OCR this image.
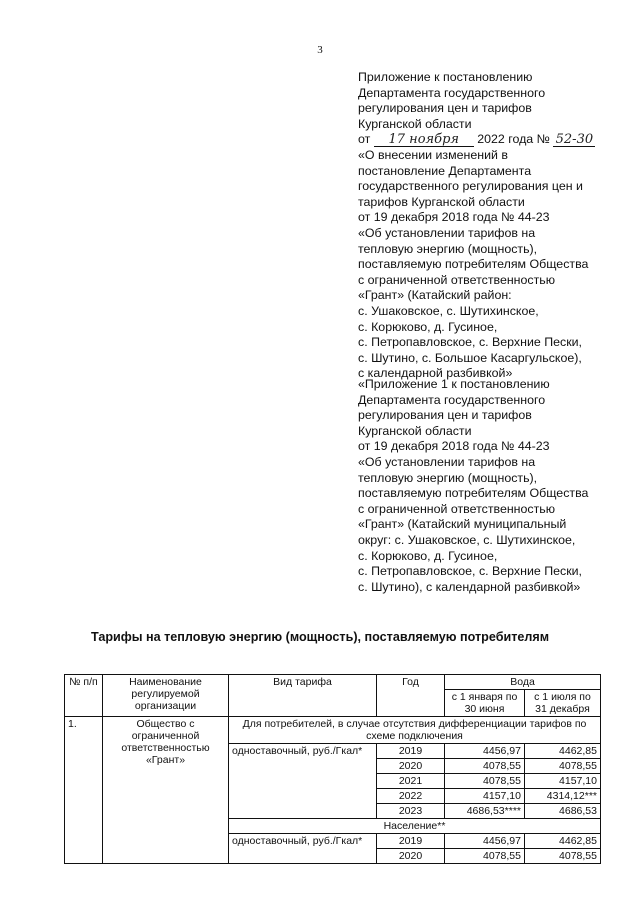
3
Приложение к постановлению
Департамента государственного
регулирования цен и тарифов
Курганской области
от 17 ноября 2022 года № 52-30
«О внесении изменений в
постановление Департамента
государственного регулирования цен и
тарифов Курганской области
от 19 декабря 2018 года № 44-23
«Об установлении тарифов на
тепловую энергию (мощность),
поставляемую потребителям Общества
с ограниченной ответственностью
«Грант» (Катайский район:
с. Ушаковское, с. Шутихинское,
с. Корюково, д. Гусиное,
с. Петропавловское, с. Верхние Пески,
с. Шутино, с. Большое Касаргульское),
с календарной разбивкой»
«Приложение 1 к постановлению
Департамента государственного
регулирования цен и тарифов
Курганской области
от 19 декабря 2018 года № 44-23
«Об установлении тарифов на
тепловую энергию (мощность),
поставляемую потребителям Общества
с ограниченной ответственностью
«Грант» (Катайский муниципальный
округ: с. Ушаковское, с. Шутихинское,
с. Корюково, д. Гусиное,
с. Петропавловское, с. Верхние Пески,
с. Шутино), с календарной разбивкой»
Тарифы на тепловую энергию (мощность), поставляемую потребителям
№ п/п	Наименование регулируемой организации	Вид тарифа	Год	Вода	
				с 1 января по 30 июня	с 1 июля по 31 декабря
1.	Общество с ограниченной ответственностью «Грант»	Для потребителей, в случае отсутствия дифференциации тарифов по схеме подключения			
		одноставочный, руб./Гкал*	2019	4456,97	4462,85
			2020	4078,55	4078,55
			2021	4078,55	4157,10
			2022	4157,10	4314,12***
			2023	4686,53****	4686,53
		Население**			
		одноставочный, руб./Гкал*	2019	4456,97	4462,85
			2020	4078,55	4078,55
